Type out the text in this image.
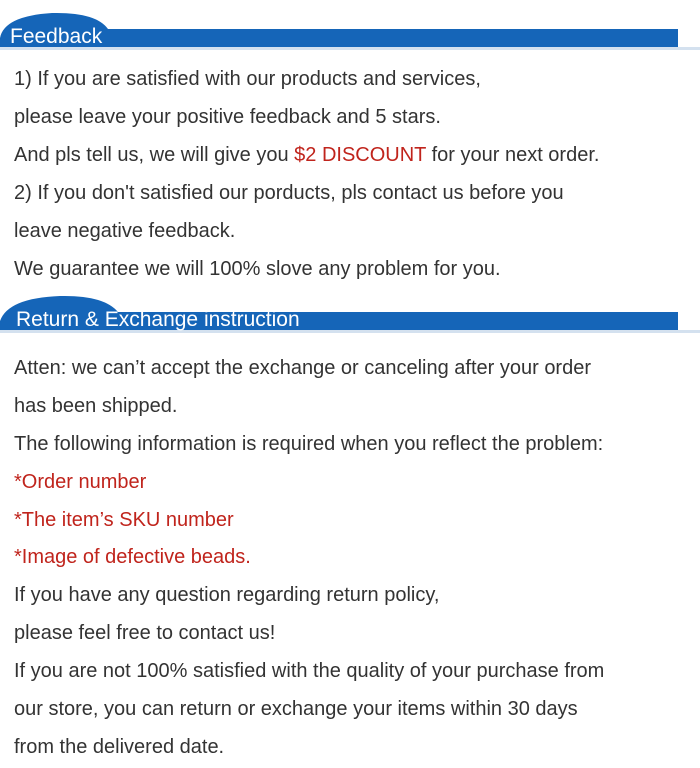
Feedback

1) If you are satisfied with our products and services,

please leave your positive feedback and 5 stars.

And pls tell us, we will give you $2 DISCOUNT for your next order.

2) If you don't satisfied our porducts, pls contact us before you

leave negative feedback.

We guarantee we will 100% slove any problem for you.

Return & Exchange instruction

Atten: we can’t accept the exchange or canceling after your order

has been shipped.

The following information is required when you reflect the problem:

*Order number

*The item’s SKU number

*Image of defective beads.

If you have any question regarding return policy,

please feel free to contact us!

If you are not 100% satisfied with the quality of your purchase from

our store, you can return or exchange your items within 30 days

from the delivered date.
